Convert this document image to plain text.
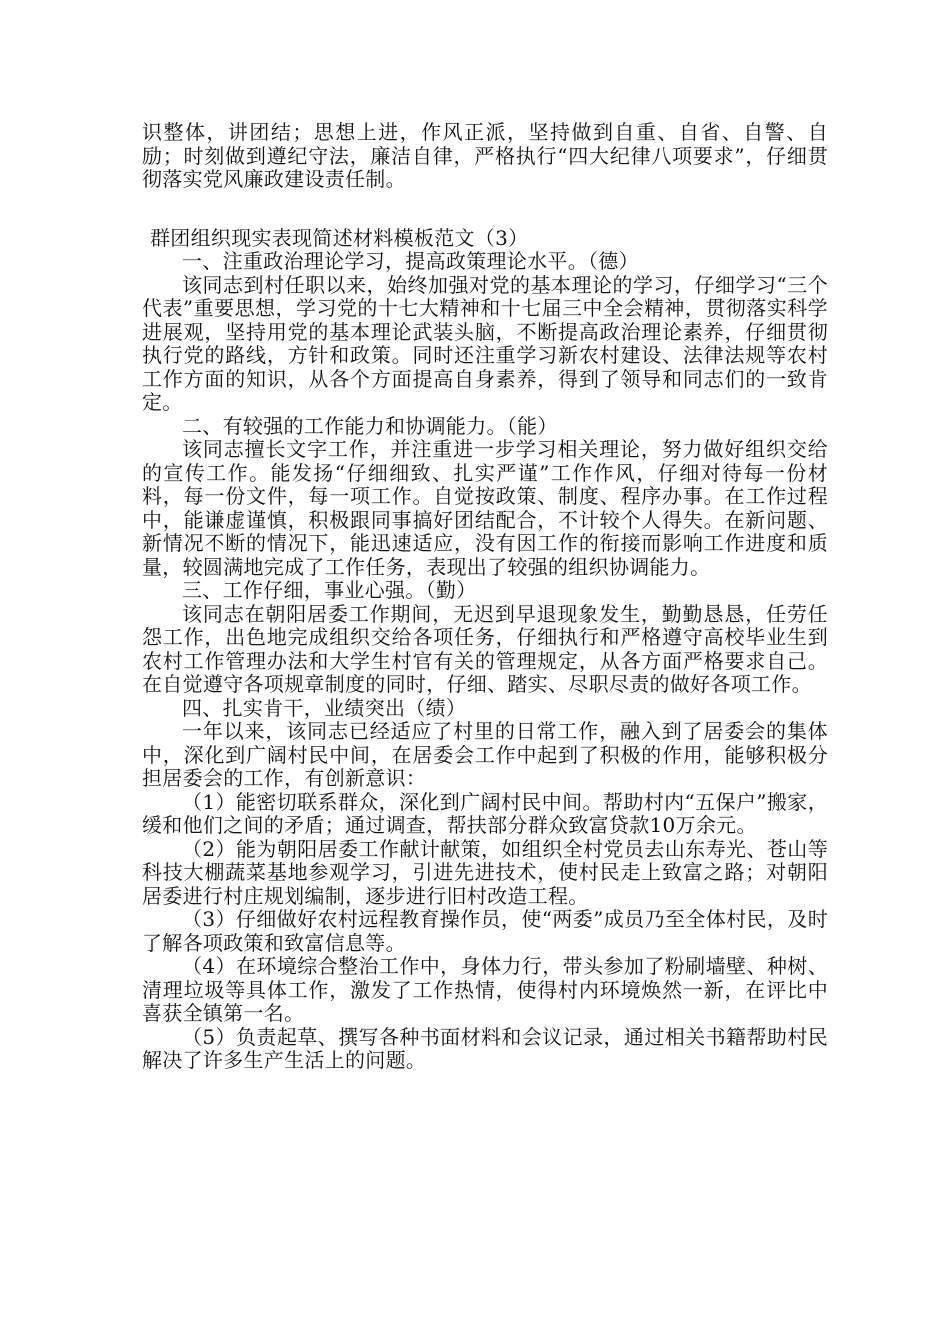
识整体，讲团结；思想上进，作风正派，坚持做到自重、自省、自警、自励；时刻做到遵纪守法，廉洁自律，严格执行“四大纪律八项要求”，仔细贯彻落实党风廉政建设责任制。

群团组织现实表现简述材料模板范文（3）

一、注重政治理论学习，提高政策理论水平。（德）

该同志到村任职以来，始终加强对党的基本理论的学习，仔细学习“三个代表”重要思想，学习党的十七大精神和十七届三中全会精神，贯彻落实科学进展观，坚持用党的基本理论武装头脑，不断提高政治理论素养，仔细贯彻执行党的路线，方针和政策。同时还注重学习新农村建设、法律法规等农村工作方面的知识，从各个方面提高自身素养，得到了领导和同志们的一致肯定。

二、有较强的工作能力和协调能力。（能）

该同志擅长文字工作，并注重进一步学习相关理论，努力做好组织交给的宣传工作。能发扬“仔细细致、扎实严谨”工作作风，仔细对待每一份材料，每一份文件，每一项工作。自觉按政策、制度、程序办事。在工作过程中，能谦虚谨慎，积极跟同事搞好团结配合，不计较个人得失。在新问题、新情况不断的情况下，能迅速适应，没有因工作的衔接而影响工作进度和质量，较圆满地完成了工作任务，表现出了较强的组织协调能力。

三、工作仔细，事业心强。（勤）

该同志在朝阳居委工作期间，无迟到早退现象发生，勤勤恳恳，任劳任怨工作，出色地完成组织交给各项任务，仔细执行和严格遵守高校毕业生到农村工作管理办法和大学生村官有关的管理规定，从各方面严格要求自己。在自觉遵守各项规章制度的同时，仔细、踏实、尽职尽责的做好各项工作。

四、扎实肯干，业绩突出（绩）

一年以来，该同志已经适应了村里的日常工作，融入到了居委会的集体中，深化到广阔村民中间，在居委会工作中起到了积极的作用，能够积极分担居委会的工作，有创新意识：

（1）能密切联系群众，深化到广阔村民中间。帮助村内“五保户”搬家，缓和他们之间的矛盾；通过调查，帮扶部分群众致富贷款10万余元。

（2）能为朝阳居委工作献计献策，如组织全村党员去山东寿光、苍山等科技大棚蔬菜基地参观学习，引进先进技术，使村民走上致富之路；对朝阳居委进行村庄规划编制，逐步进行旧村改造工程。

（3）仔细做好农村远程教育操作员，使“两委”成员乃至全体村民，及时了解各项政策和致富信息等。

（4）在环境综合整治工作中，身体力行，带头参加了粉刷墙壁、种树、清理垃圾等具体工作，激发了工作热情，使得村内环境焕然一新，在评比中喜获全镇第一名。

（5）负责起草、撰写各种书面材料和会议记录，通过相关书籍帮助村民解决了许多生产生活上的问题。
